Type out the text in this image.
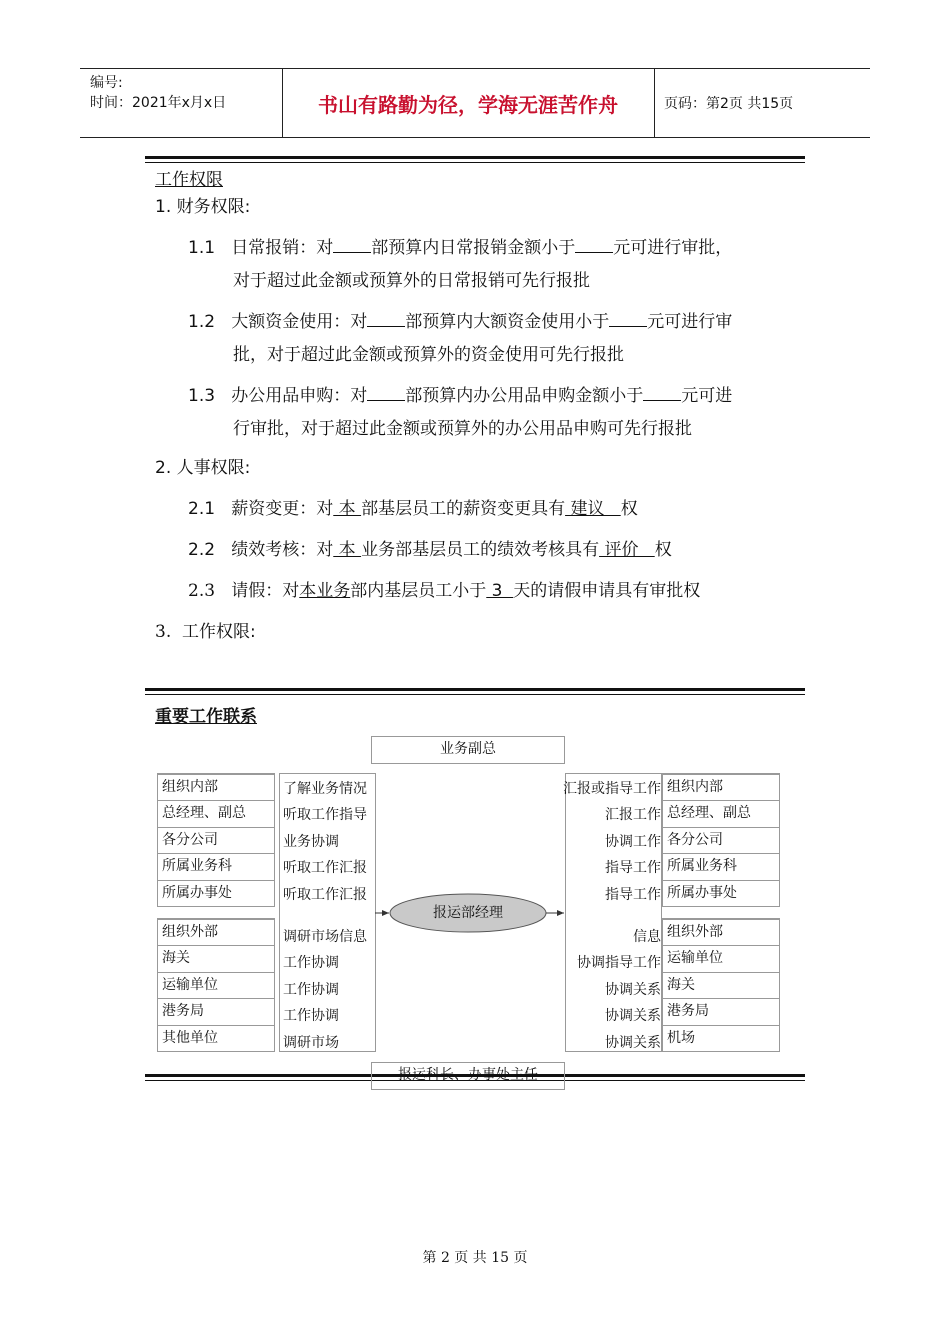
编号:
时间：2021年x月x日	书山有路勤为径，学海无涯苦作舟	页码：第2页 共15页
工作权限
1. 财务权限:
1.1 日常报销：对 部预算内日常报销金额小于 元可进行审批，
对于超过此金额或预算外的日常报销可先行报批
1.2 大额资金使用：对 部预算内大额资金使用小于 元可进行审
批，对于超过此金额或预算外的资金使用可先行报批
1.3 办公用品申购：对 部预算内办公用品申购金额小于 元可进
行审批，对于超过此金额或预算外的办公用品申购可先行报批
2. 人事权限:
2.1 薪资变更：对 本 部基层员工的薪资变更具有 建议   权
2.2 绩效考核：对 本 业务部基层员工的绩效考核具有 评价   权
2.3 请假：对本业务部内基层员工小于 3  天的请假申请具有审批权
3. 工作权限:
重要工作联系
业务副总
组织内部
总经理、副总
各分公司
所属业务科
所属办事处
了解业务情况
听取工作指导
业务协调
听取工作汇报
听取工作汇报
组织外部
海关
运输单位
港务局
其他单位
调研市场信息
工作协调
工作协调
工作协调
调研市场
汇报或指导工作
汇报工作
协调工作
指导工作
指导工作
组织内部
总经理、副总
各分公司
所属业务科
所属办事处
信息
协调指导工作
协调关系
协调关系
协调关系
组织外部
运输单位
海关
港务局
机场
报运部经理
报运科长、办事处主任
第 2 页 共 15 页
